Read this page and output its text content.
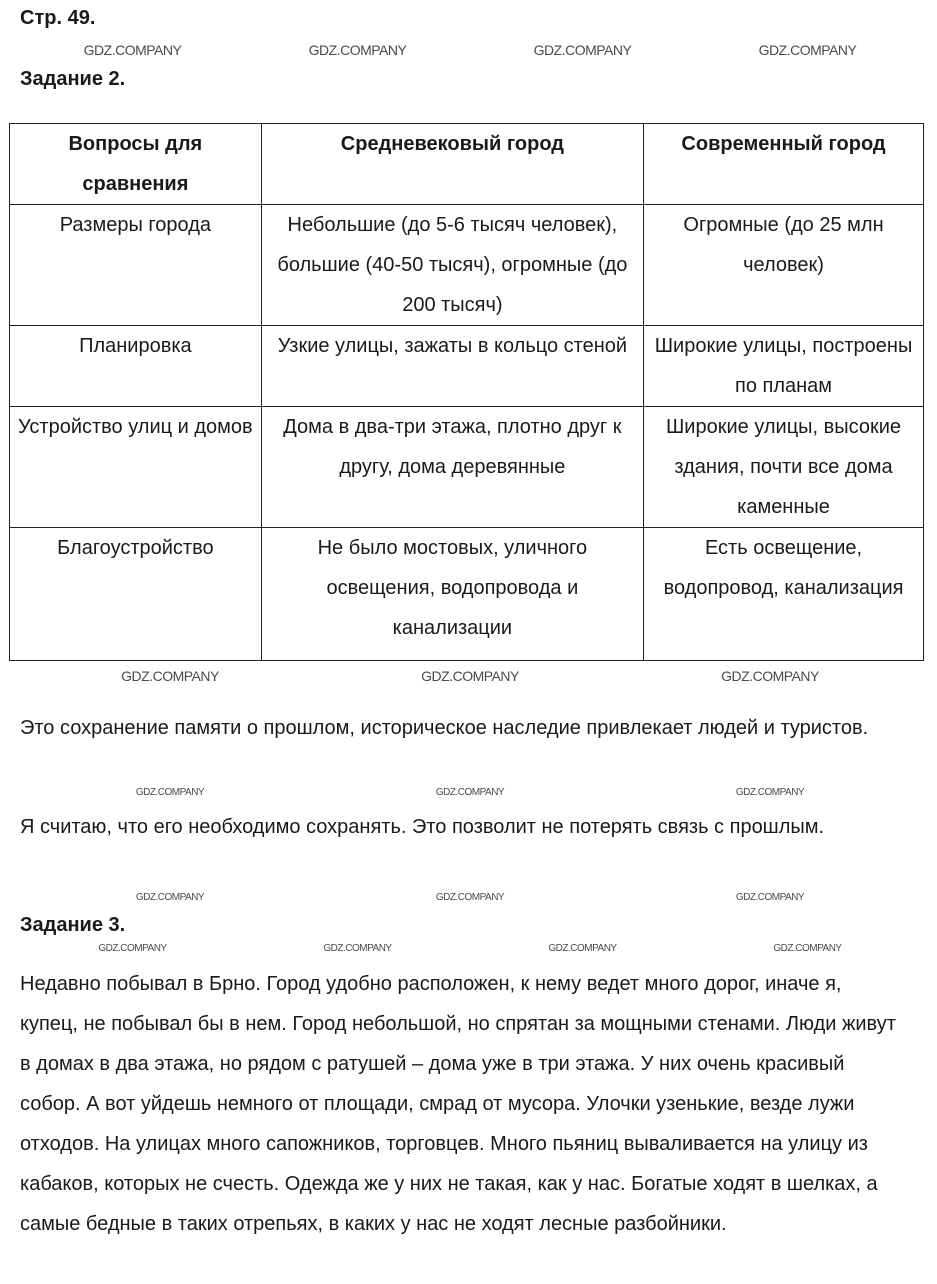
Стр. 49.
Задание 2.
Вопросы для сравнения	Средневековый город	Современный город
Размеры города	Небольшие (до 5-6 тысяч человек), большие (40-50 тысяч), огромные (до 200 тысяч)	Огромные (до 25 млн человек)
Планировка	Узкие улицы, зажаты в кольцо стеной	Широкие улицы, построены по планам
Устройство улиц и домов	Дома в два-три этажа, плотно друг к другу, дома деревянные	Широкие улицы, высокие здания, почти все дома каменные
Благоустройство	Не было мостовых, уличного освещения, водопровода и канализации	Есть освещение, водопровод, канализация

Это сохранение памяти о прошлом, историческое наследие привлекает людей и туристов.

Я считаю, что его необходимо сохранять. Это позволит не потерять связь с прошлым.

Задание 3.

Недавно побывал в Брно. Город удобно расположен, к нему ведет много дорог, иначе я, купец, не побывал бы в нем. Город небольшой, но спрятан за мощными стенами. Люди живут в домах в два этажа, но рядом с ратушей – дома уже в три этажа. У них очень красивый собор. А вот уйдешь немного от площади, смрад от мусора. Улочки узенькие, везде лужи отходов. На улицах много сапожников, торговцев. Много пьяниц вываливается на улицу из кабаков, которых не счесть. Одежда же у них не такая, как у нас. Богатые ходят в шелках, а самые бедные в таких отрепьях, в каких у нас не ходят лесные разбойники.

GDZ.COMPANY	GDZ.COMPANY	GDZ.COMPANY	GDZ.COMPANY
GDZ.COMPANY	GDZ.COMPANY	GDZ.COMPANY
GDZ.COMPANY	GDZ.COMPANY	GDZ.COMPANY
GDZ.COMPANY	GDZ.COMPANY	GDZ.COMPANY
GDZ.COMPANY	GDZ.COMPANY	GDZ.COMPANY	GDZ.COMPANY
